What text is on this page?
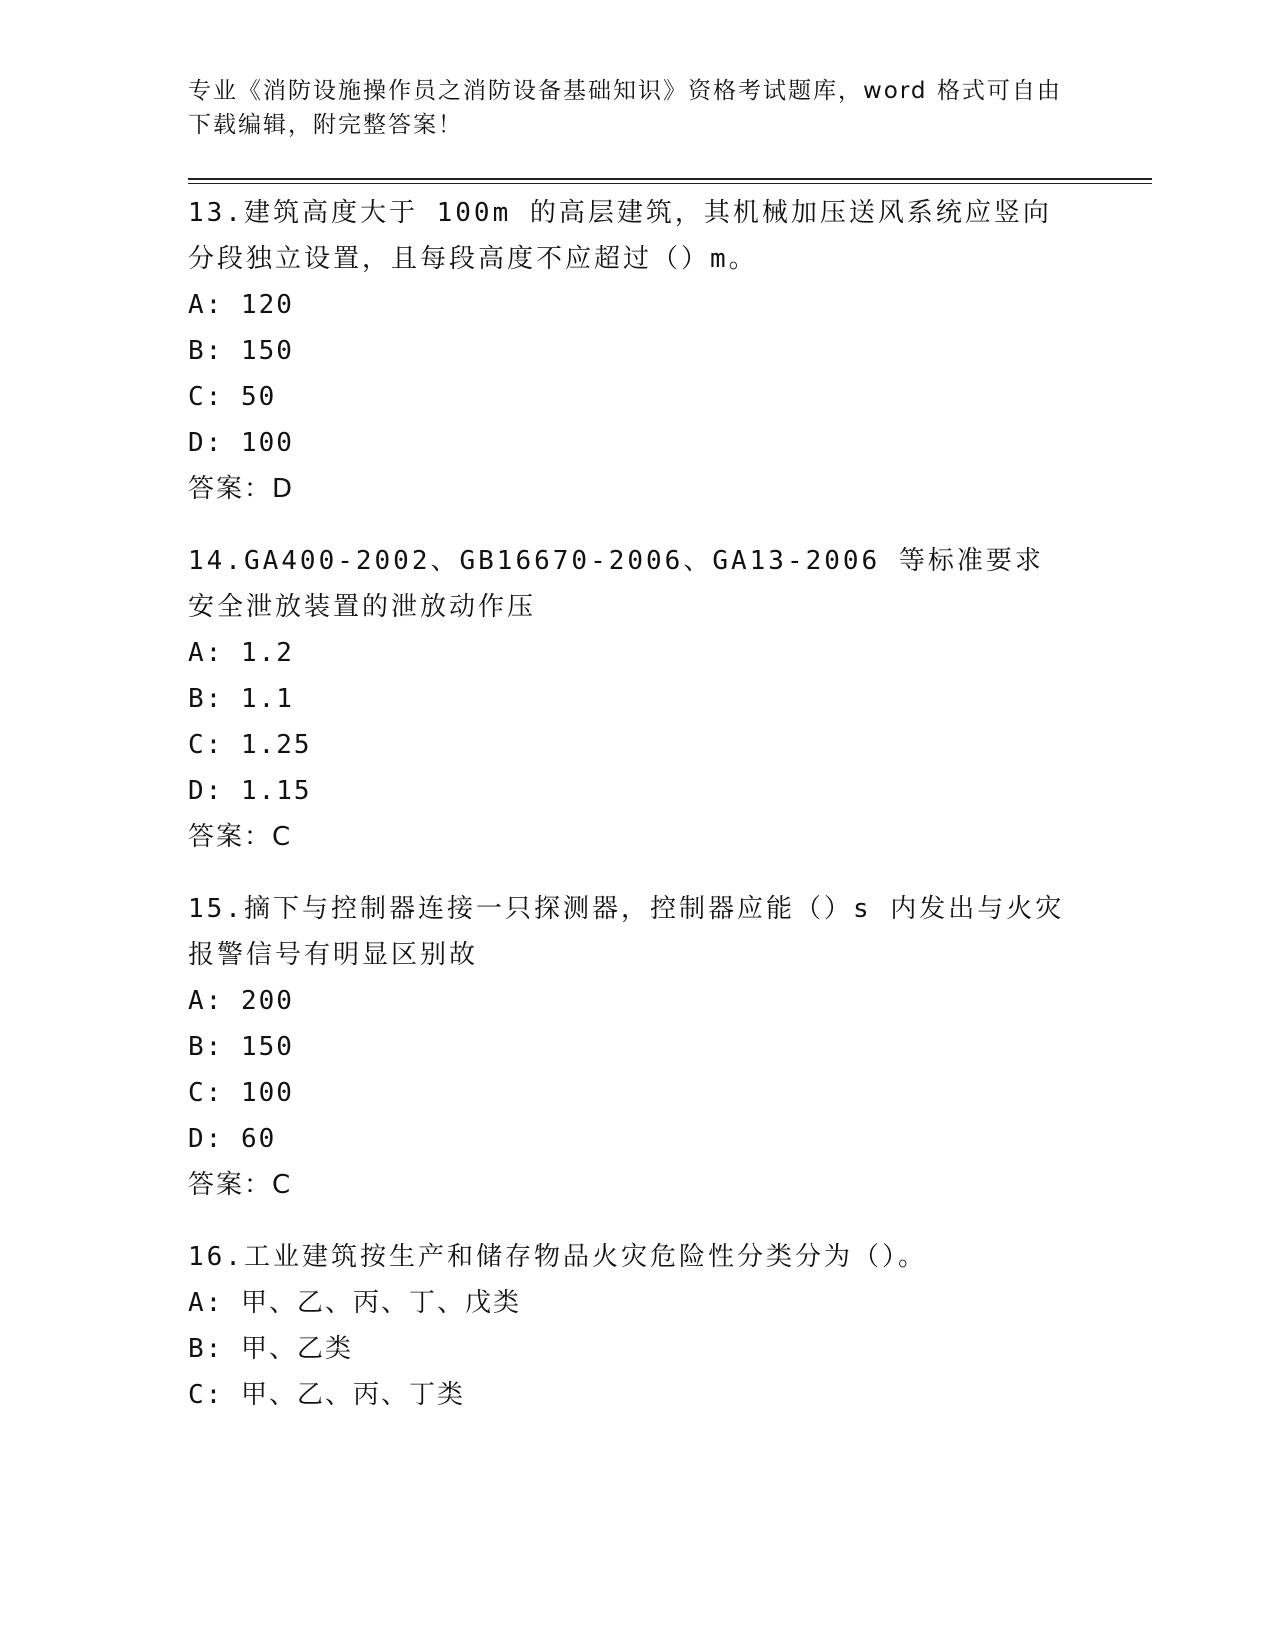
专业《消防设施操作员之消防设备基础知识》资格考试题库，word 格式可自由下载编辑，附完整答案！

13.建筑高度大于 100m 的高层建筑，其机械加压送风系统应竖向分段独立设置，且每段高度不应超过（）m。

A: 120

B: 150

C: 50

D: 100

答案：D

14.GA400-2002、GB16670-2006、GA13-2006 等标准要求安全泄放装置的泄放动作压

A: 1.2

B: 1.1

C: 1.25

D: 1.15

答案：C

15.摘下与控制器连接一只探测器，控制器应能（）s 内发出与火灾报警信号有明显区别故

A: 200

B: 150

C: 100

D: 60

答案：C

16.工业建筑按生产和储存物品火灾危险性分类分为（）。

A: 甲、乙、丙、丁、戊类

B: 甲、乙类

C: 甲、乙、丙、丁类
